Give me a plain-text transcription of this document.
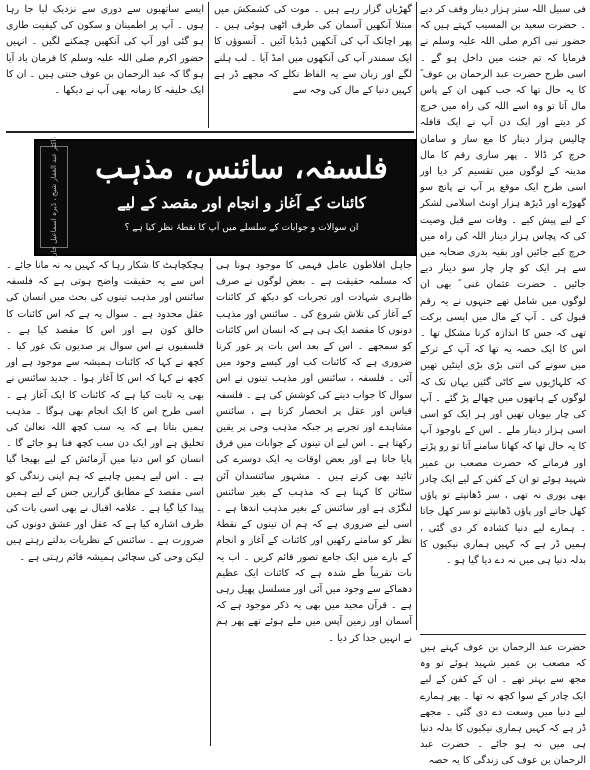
فی سبیل اللہ ستر ہزار دینار وقف کر دیے ۔ حضرت سعید بن المسیب کہتے ہیں کہ حضور نبی اکرم صلی اللہ علیہ وسلم نے فرمایا کہ تم جنت میں داخل ہو گے ۔ اسی طرح حضرت عبد الرحمان بن عوف ؓ کا یہ حال تھا کہ جب کبھی ان کے پاس مال آتا تو وہ اسے اللہ کی راہ میں خرچ کر دیتے اور ایک دن آپ نے ایک قافلہ چالیس ہزار دینار کا مع ساز و سامان خرچ کر ڈالا ۔ پھر ساری رقم کا مال مدینہ کے لوگوں میں تقسیم کر دیا اور اسی طرح ایک موقع پر آپ نے پانچ سو گھوڑے اور ڈیڑھ ہزار اونٹ اسلامی لشکر کے لیے پیش کیے ۔ وفات سے قبل وصیت کی کہ پچاس ہزار دینار اللہ کی راہ میں خرچ کیے جائیں اور بقیہ بدری صحابہ میں سے ہر ایک کو چار چار سو دینار دیے جائیں ۔ حضرت عثمان غنی ؓ بھی ان لوگوں میں شامل تھے جنہوں نے یہ رقم قبول کی ۔ آپ کے مال میں ایسی برکت تھی کہ جس کا اندازہ کرنا مشکل تھا ۔ اس کا ایک حصہ یہ تھا کہ آپ کے ترکے میں سونے کی اتنی بڑی بڑی اینٹیں تھیں کہ کلہاڑیوں سے کاٹی گئیں یہاں تک کہ لوگوں کے ہاتھوں میں چھالے پڑ گئے ۔ آپ کی چار بیویاں تھیں اور ہر ایک کو اسی اسی ہزار دینار ملے ۔ اس کے باوجود آپ کا یہ حال تھا کہ کھانا سامنے آتا تو رو پڑتے اور فرماتے کہ حضرت مصعب بن عمیر شہید ہوئے تو ان کے کفن کے لیے ایک چادر بھی پوری نہ تھی ، سر ڈھانپتے تو پاؤں کھل جاتے اور پاؤں ڈھانپتے تو سر کھل جاتا ۔ ہمارے لیے دنیا کشادہ کر دی گئی ، ہمیں ڈر ہے کہ کہیں ہماری نیکیوں کا بدلہ دنیا ہی میں نہ دے دیا گیا ہو ۔

گھڑیاں گزار رہے ہیں ۔ موت کی کشمکش میں مبتلا آنکھیں آسمان کی طرف اٹھی ہوئی ہیں ۔ پھر اچانک آپ کی آنکھیں ڈبڈبا آئیں ۔ آنسوؤں کا ایک سمندر آپ کی آنکھوں میں امڈ آیا ۔ لب ہلنے لگے اور زبان سے یہ الفاظ نکلے کہ مجھے ڈر ہے کہیں دنیا کے مال کی وجہ سے

ایسے ساتھیوں سے دوری سے نزدیک لیا جا رہا ہوں ۔ آپ پر اطمینان و سکون کی کیفیت طاری ہو گئی اور آپ کی آنکھیں چمکنے لگیں ۔ انہیں حضور اکرم صلی اللہ علیہ وسلم کا فرمان یاد آیا ہو گا کہ عبد الرحمان بن عوف جنتی ہیں ۔ ان کا ایک خلیفہ کا زمانہ بھی آپ نے دیکھا ۔

ڈاکٹر عبد الغفار شیخ ، ڈیرہ اسماعیل خان	فلسفہ، سائنس، مذہب
کائنات کے آغاز و انجام اور مقصد کے لیے
ان سوالات و جوابات کے سلسلے میں آپ کا نقطۂ نظر کیا ہے ؟

جاہل افلاطون عامل فہمی کا موجود ہونا ہی کہ مسلمہ حقیقت ہے ۔ بعض لوگوں نے صرف ظاہری شہادت اور تجربات کو دیکھ کر کائنات کے آغاز کی تلاش شروع کی ۔ سائنس اور مذہب دونوں کا مقصد ایک ہی ہے کہ انسان اس کائنات کو سمجھے ۔ اس کے بعد اس بات پر غور کرنا ضروری ہے کہ کائنات کب اور کیسے وجود میں آئی ۔ فلسفہ ، سائنس اور مذہب تینوں نے اس سوال کا جواب دینے کی کوشش کی ہے ۔ فلسفہ قیاس اور عقل پر انحصار کرتا ہے ، سائنس مشاہدے اور تجربے پر جبکہ مذہب وحی پر یقین رکھتا ہے ۔ اس لیے ان تینوں کے جوابات میں فرق پایا جاتا ہے اور بعض اوقات یہ ایک دوسرے کی تائید بھی کرتے ہیں ۔ مشہور سائنسدان آئن سٹائن کا کہنا ہے کہ مذہب کے بغیر سائنس لنگڑی ہے اور سائنس کے بغیر مذہب اندھا ہے ۔ اسی لیے ضروری ہے کہ ہم ان تینوں کے نقطۂ نظر کو سامنے رکھیں اور کائنات کے آغاز و انجام کے بارے میں ایک جامع تصور قائم کریں ۔ اب یہ بات تقریباً طے شدہ ہے کہ کائنات ایک عظیم دھماکے سے وجود میں آئی اور مسلسل پھیل رہی ہے ۔ قرآن مجید میں بھی یہ ذکر موجود ہے کہ آسمان اور زمین آپس میں ملے ہوئے تھے پھر ہم نے انہیں جدا کر دیا ۔

ہچکچاہٹ کا شکار رہا کہ کہیں یہ نہ مانا جائے ۔ اس سے یہ حقیقت واضح ہوتی ہے کہ فلسفہ سائنس اور مذہب تینوں کی بحث میں انسان کی عقل محدود ہے ۔ سوال یہ ہے کہ اس کائنات کا خالق کون ہے اور اس کا مقصد کیا ہے ۔ فلسفیوں نے اس سوال پر صدیوں تک غور کیا ۔ کچھ نے کہا کہ کائنات ہمیشہ سے موجود ہے اور کچھ نے کہا کہ اس کا آغاز ہوا ۔ جدید سائنس نے بھی یہ ثابت کیا ہے کہ کائنات کا ایک آغاز ہے ۔ اسی طرح اس کا ایک انجام بھی ہوگا ۔ مذہب ہمیں بتاتا ہے کہ یہ سب کچھ اللہ تعالیٰ کی تخلیق ہے اور ایک دن سب کچھ فنا ہو جائے گا ۔ انسان کو اس دنیا میں آزمائش کے لیے بھیجا گیا ہے ۔ اس لیے ہمیں چاہیے کہ ہم اپنی زندگی کو اسی مقصد کے مطابق گزاریں جس کے لیے ہمیں پیدا کیا گیا ہے ۔ علامہ اقبال نے بھی اسی بات کی طرف اشارہ کیا ہے کہ عقل اور عشق دونوں کی ضرورت ہے ۔ سائنس کے نظریات بدلتے رہتے ہیں لیکن وحی کی سچائی ہمیشہ قائم رہتی ہے ۔

حضرت عبد الرحمان بن عوف کہتے ہیں کہ مصعب بن عمیر شہید ہوئے تو وہ مجھ سے بہتر تھے ۔ ان کے کفن کے لیے ایک چادر کے سوا کچھ نہ تھا ۔ پھر ہمارے لیے دنیا میں وسعت دے دی گئی ۔ مجھے ڈر ہے کہ کہیں ہماری نیکیوں کا بدلہ دنیا ہی میں نہ ہو جائے ۔ حضرت عبد الرحمان بن عوف کی زندگی کا یہ حصہ
